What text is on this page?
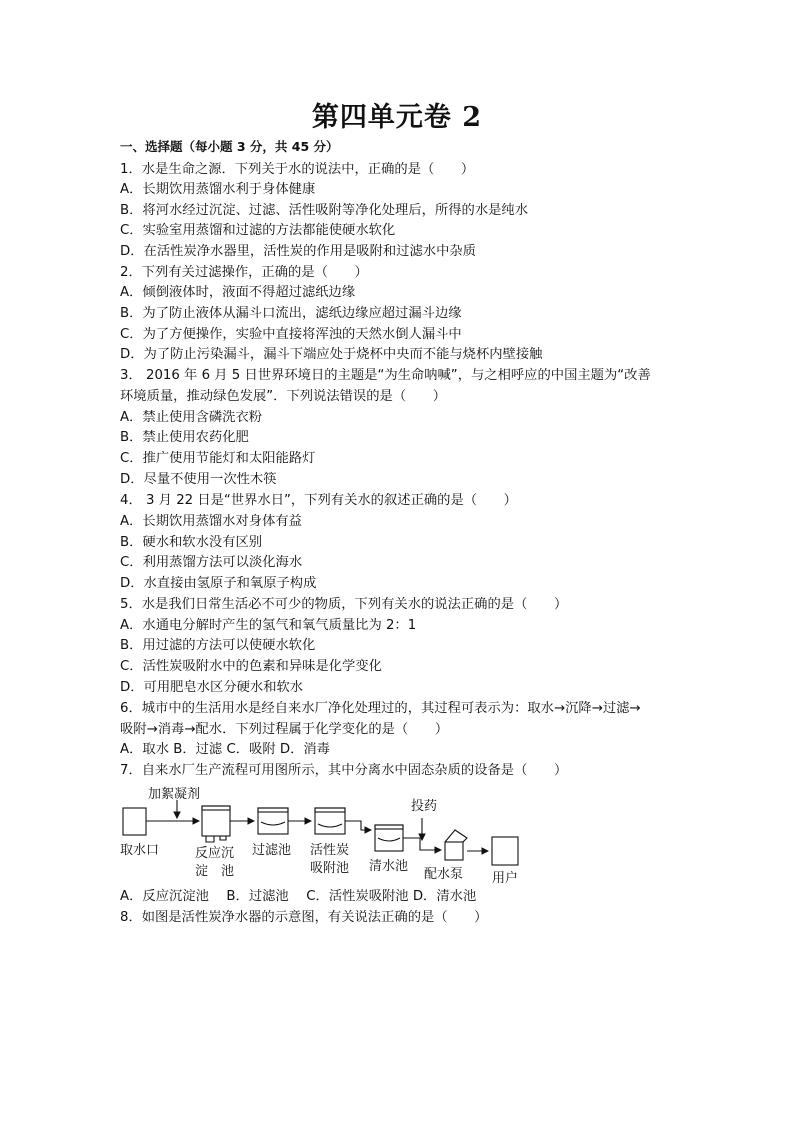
第四单元卷 2
一、选择题（每小题 3 分，共 45 分）
1．水是生命之源．下列关于水的说法中，正确的是（　　）
A．长期饮用蒸馏水利于身体健康
B．将河水经过沉淀、过滤、活性吸附等净化处理后，所得的水是纯水
C．实验室用蒸馏和过滤的方法都能使硬水软化
D．在活性炭净水器里，活性炭的作用是吸附和过滤水中杂质
2．下列有关过滤操作，正确的是（　　）
A．倾倒液体时，液面不得超过滤纸边缘
B．为了防止液体从漏斗口流出，滤纸边缘应超过漏斗边缘
C．为了方便操作，实验中直接将浑浊的天然水倒人漏斗中
D．为了防止污染漏斗，漏斗下端应处于烧杯中央而不能与烧杯内壁接触
3． 2016 年 6 月 5 日世界环境日的主题是“为生命呐喊”，与之相呼应的中国主题为“改善
环境质量，推动绿色发展”．下列说法错误的是（　　）
A．禁止使用含磷洗衣粉
B．禁止使用农药化肥
C．推广使用节能灯和太阳能路灯
D．尽量不使用一次性木筷
4． 3 月 22 日是“世界水日”，下列有关水的叙述正确的是（　　）
A．长期饮用蒸馏水对身体有益
B．硬水和软水没有区别
C．利用蒸馏方法可以淡化海水
D．水直接由氢原子和氧原子构成
5．水是我们日常生活必不可少的物质，下列有关水的说法正确的是（　　）
A．水通电分解时产生的氢气和氧气质量比为 2：1
B．用过滤的方法可以使硬水软化
C．活性炭吸附水中的色素和异味是化学变化
D．可用肥皂水区分硬水和软水
6．城市中的生活用水是经自来水厂净化处理过的，其过程可表示为：取水→沉降→过滤→
吸附→消毒→配水．下列过程属于化学变化的是（　　）
A．取水 B．过滤 C．吸附 D．消毒
7．自来水厂生产流程可用图所示，其中分离水中固态杂质的设备是（　　）
加絮凝剂
投药
取水口	反应沉
淀　池
过滤池 活性炭
吸附池 清水池
配水泵 用户
A．反应沉淀池　 B．过滤池　 C．活性炭吸附池 D．清水池
8．如图是活性炭净水器的示意图，有关说法正确的是（　　）
